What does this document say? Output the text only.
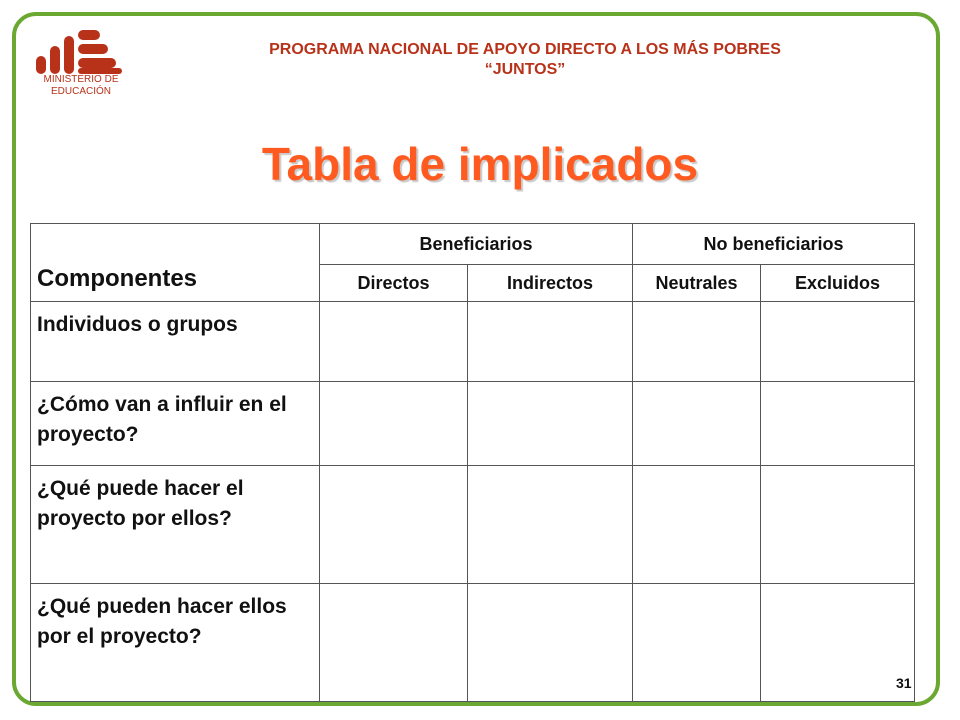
MINISTERIO DE
EDUCACIÓN
PROGRAMA NACIONAL DE APOYO DIRECTO A LOS MÁS POBRES
“JUNTOS”
Tabla de implicados
Componentes	Beneficiarios		No beneficiarios	
	Directos	Indirectos	Neutrales	Excluidos
Individuos o grupos				
¿Cómo van a influir en el proyecto?				
¿Qué puede hacer el proyecto por ellos?				
¿Qué pueden hacer ellos por el proyecto?				
31
